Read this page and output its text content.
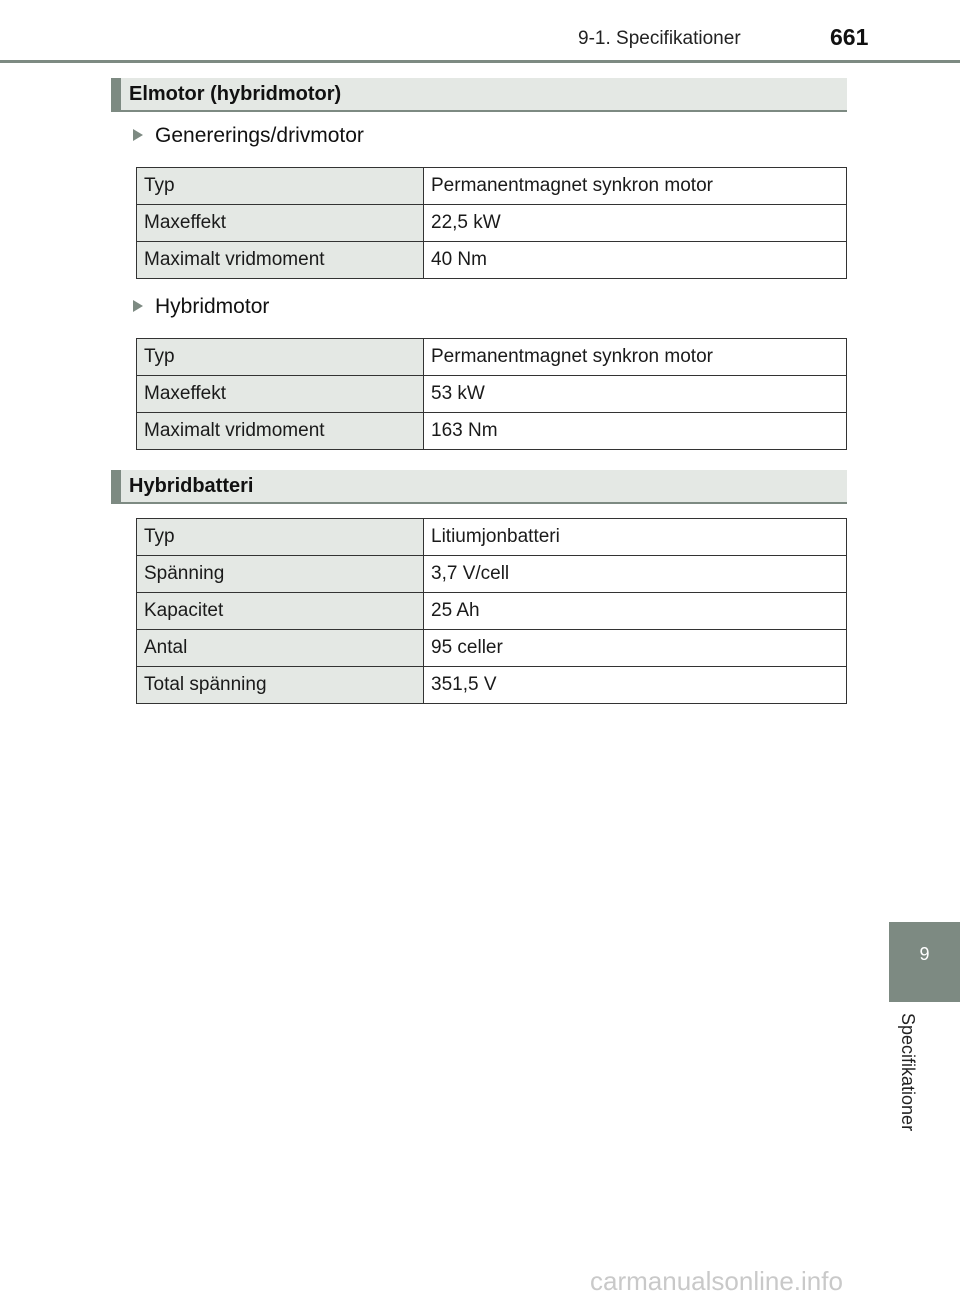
9-1. Specifikationer	661
Elmotor (hybridmotor)
Genererings/drivmotor
Typ	Permanentmagnet synkron motor
Maxeffekt	22,5 kW
Maximalt vridmoment	40 Nm
Hybridmotor
Typ	Permanentmagnet synkron motor
Maxeffekt	53 kW
Maximalt vridmoment	163 Nm
Hybridbatteri
Typ	Litiumjonbatteri
Spänning	3,7 V/cell
Kapacitet	25 Ah
Antal	95 celler
Total spänning	351,5 V
9
Specifikationer
carmanualsonline.info
